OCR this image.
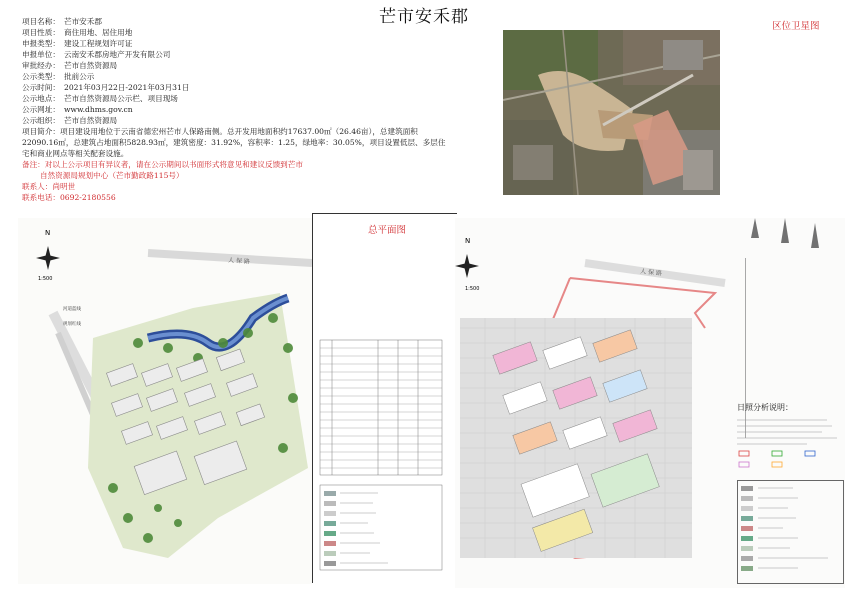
芒市安禾郡
项目名称： 芒市安禾郡
项目性质： 商住用地、居住用地
申报类型： 建设工程规划许可证
申报单位： 云南安禾郡房地产开发有限公司
审批经办： 芒市自然资源局
公示类型： 批前公示
公示时间： 2021年03月22日-2021年03月31日
公示地点： 芒市自然资源局公示栏、项目现场
公示网址： www.dhms.gov.cn
公示组织： 芒市自然资源局
项目简介：项目建设用地位于云南省德宏州芒市人保路南侧。总开发用地面积约17637.00㎡（26.46亩），总建筑面积
22090.16㎡，总建筑占地面积5828.93㎡，建筑密度：31.92%，容积率：1.25，绿地率：30.05%，项目设置低层、多层住
宅和商业网点等相关配套设施。
备注：对以上公示项目有异议者，请在公示期间以书面形式将意见和建议反馈到芒市
自然资源局规划中心（芒市勤政路115号）
联系人：尚明世
联系电话：0692-2180556
区位卫星图
总平面图
N
1:500
人 保 路
河道蓝线
规划红线
N
1:500
人 保 路
日照分析说明：
